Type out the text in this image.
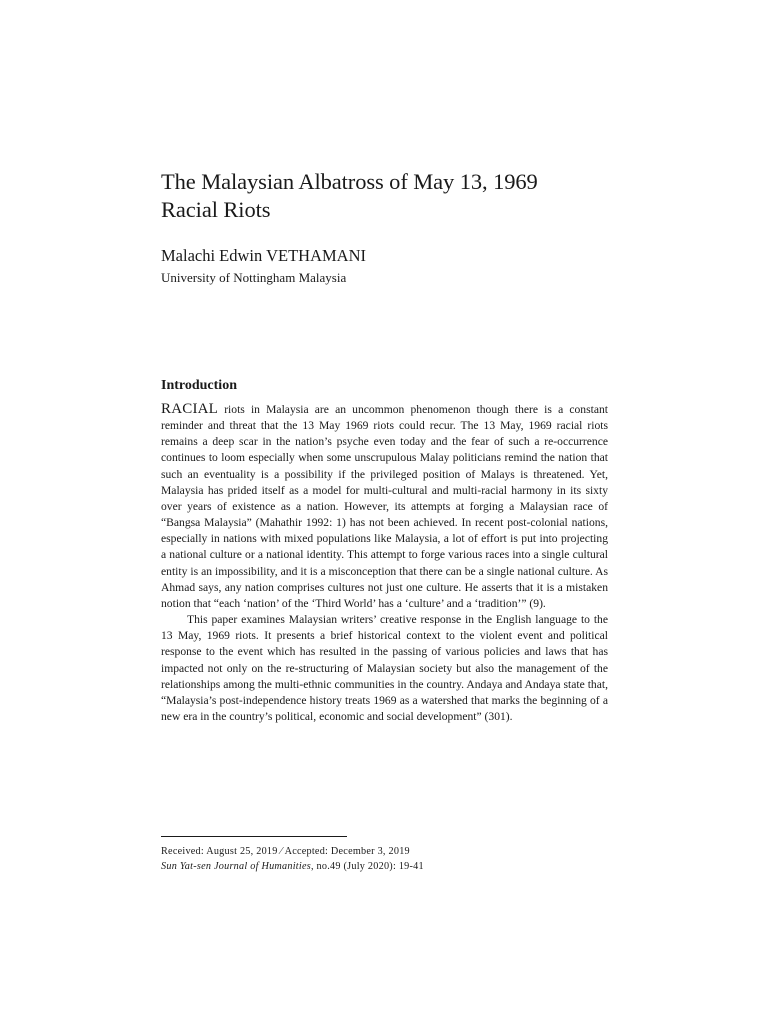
The Malaysian Albatross of May 13, 1969
Racial Riots
Malachi Edwin VETHAMANI
University of Nottingham Malaysia
Introduction

RACIAL riots in Malaysia are an uncommon phenomenon though there is a constant reminder and threat that the 13 May 1969 riots could recur. The 13 May, 1969 racial riots remains a deep scar in the nation’s psyche even today and the fear of such a re-occurrence continues to loom especially when some unscrupulous Malay politicians remind the nation that such an eventuality is a possibility if the privileged position of Malays is threatened. Yet, Malaysia has prided itself as a model for multi-cultural and multi-racial harmony in its sixty over years of existence as a nation. However, its attempts at forging a Malaysian race of “Bangsa Malaysia” (Mahathir 1992: 1) has not been achieved. In recent post-colonial nations, especially in nations with mixed populations like Malaysia, a lot of effort is put into projecting a national culture or a national identity. This attempt to forge various races into a single cultural entity is an impossibility, and it is a misconception that there can be a single national culture. As Ahmad says, any nation comprises cultures not just one culture. He asserts that it is a mistaken notion that “each ‘nation’ of the ‘Third World’ has a ‘culture’ and a ‘tradition’” (9).

This paper examines Malaysian writers’ creative response in the English language to the 13 May, 1969 riots. It presents a brief historical context to the violent event and political response to the event which has resulted in the passing of various policies and laws that has impacted not only on the re-structuring of Malaysian society but also the management of the relationships among the multi-ethnic communities in the country. Andaya and Andaya state that, “Malaysia’s post-independence history treats 1969 as a watershed that marks the beginning of a new era in the country’s political, economic and social development” (301).

Received: August 25, 2019 ⁄ Accepted: December 3, 2019
Sun Yat-sen Journal of Humanities, no.49 (July 2020): 19-41
